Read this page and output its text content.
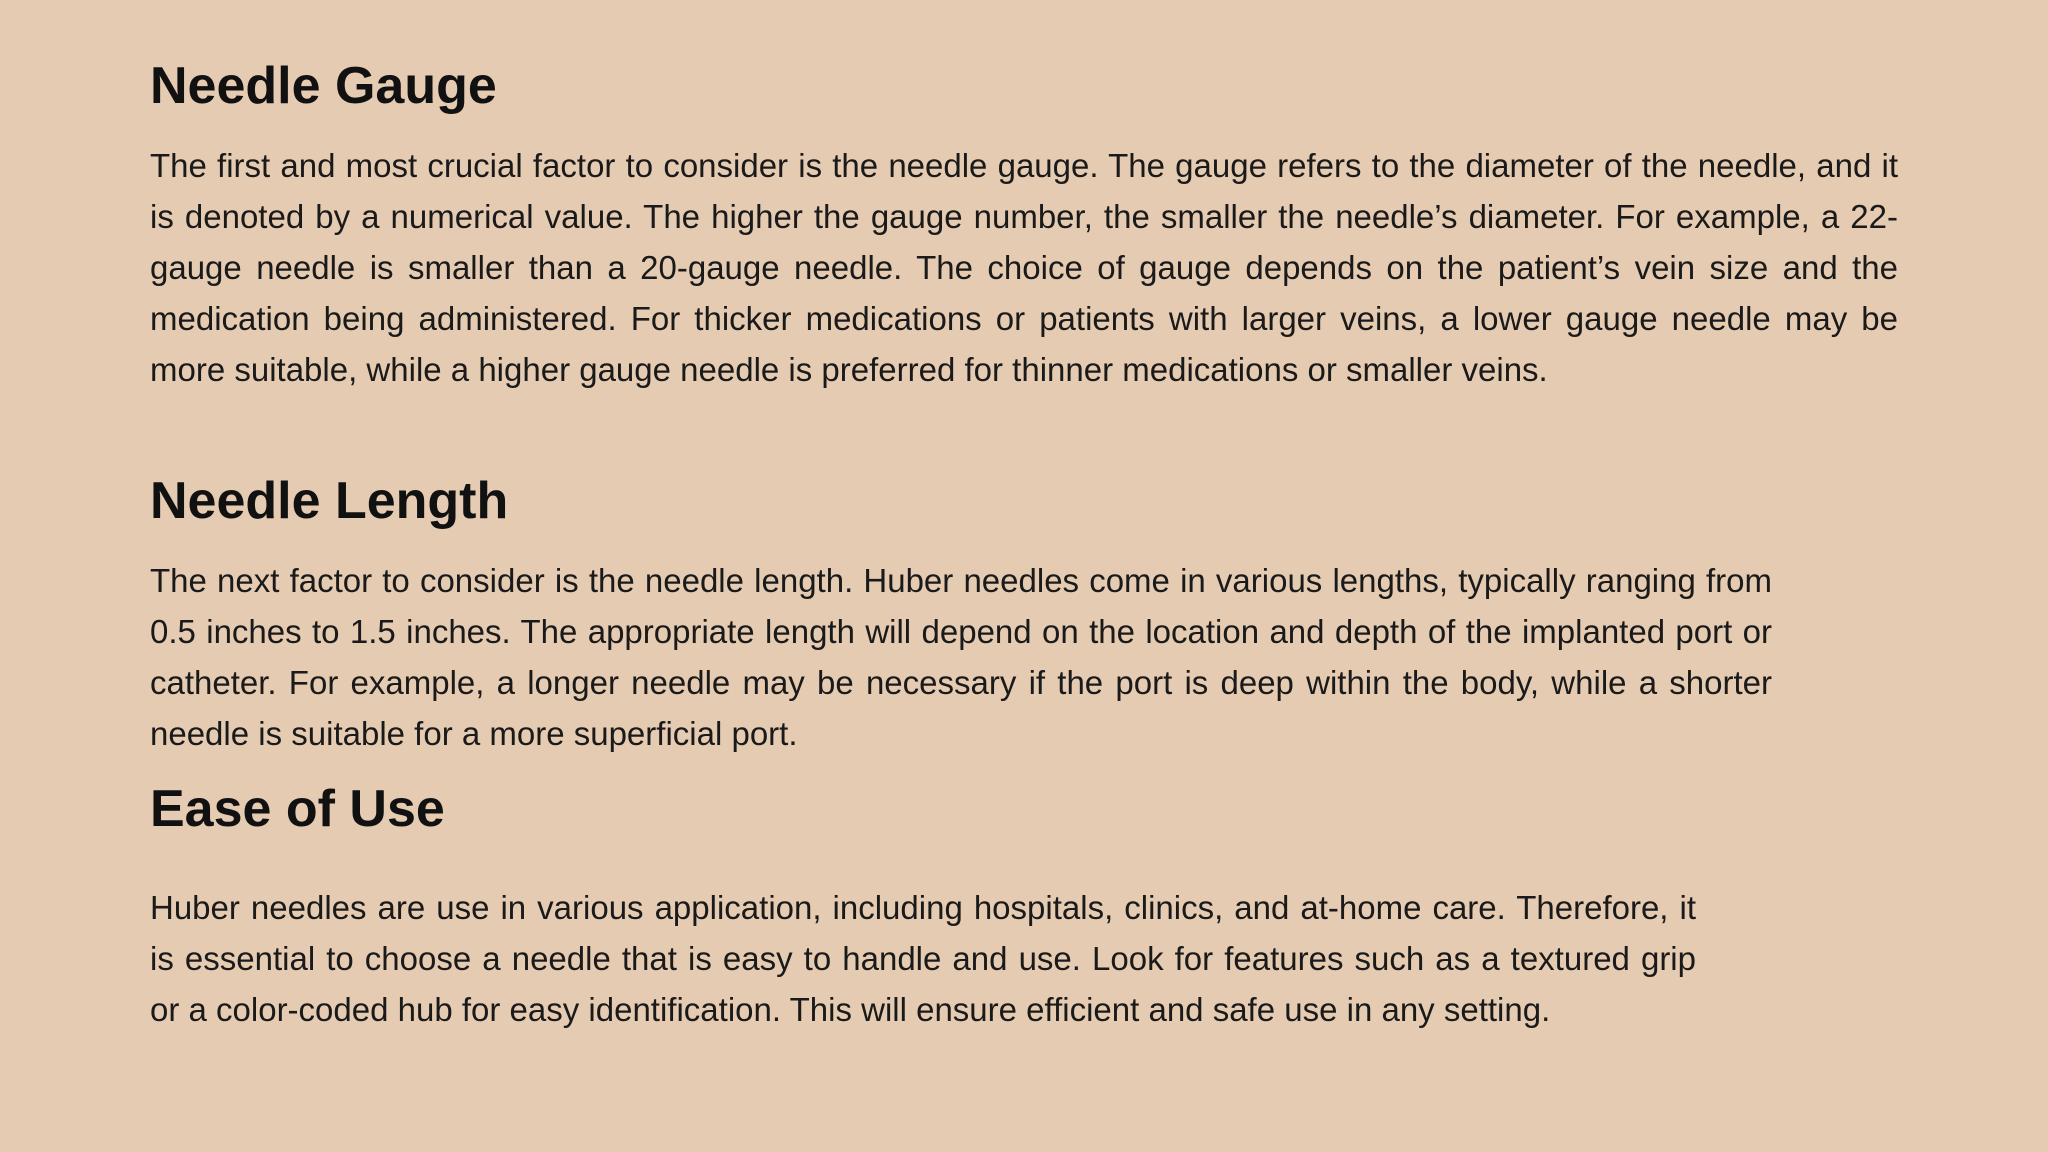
Needle Gauge

The first and most crucial factor to consider is the needle gauge. The gauge refers to the diameter of the needle, and it is denoted by a numerical value. The higher the gauge number, the smaller the needle’s diameter. For example, a 22-gauge needle is smaller than a 20-gauge needle. The choice of gauge depends on the patient’s vein size and the medication being administered. For thicker medications or patients with larger veins, a lower gauge needle may be more suitable, while a higher gauge needle is preferred for thinner medications or smaller veins.

Needle Length

The next factor to consider is the needle length. Huber needles come in various lengths, typically ranging from 0.5 inches to 1.5 inches. The appropriate length will depend on the location and depth of the implanted port or catheter. For example, a longer needle may be necessary if the port is deep within the body, while a shorter needle is suitable for a more superficial port.

Ease of Use

Huber needles are use in various application, including hospitals, clinics, and at-home care. Therefore, it is essential to choose a needle that is easy to handle and use. Look for features such as a textured grip or a color-coded hub for easy identification. This will ensure efficient and safe use in any setting.
